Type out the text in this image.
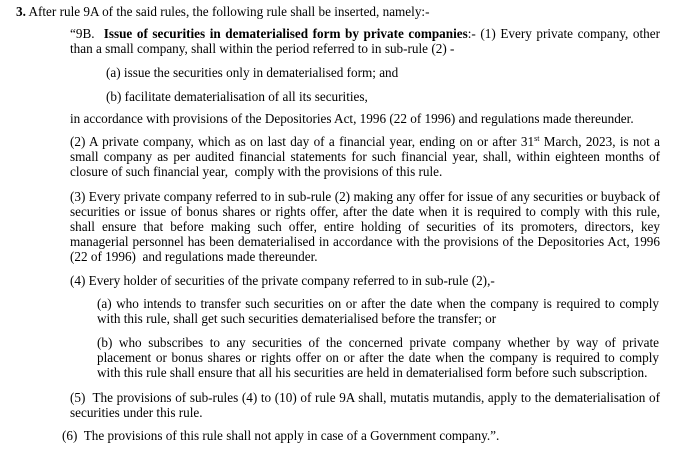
3. After rule 9A of the said rules, the following rule shall be inserted, namely:-

“9B. Issue of securities in dematerialised form by private companies:- (1) Every private company, other than a small company, shall within the period referred to in sub-rule (2) -

(a) issue the securities only in dematerialised form; and

(b) facilitate dematerialisation of all its securities,

in accordance with provisions of the Depositories Act, 1996 (22 of 1996) and regulations made thereunder.

(2) A private company, which as on last day of a financial year, ending on or after 31st March, 2023, is not a small company as per audited financial statements for such financial year, shall, within eighteen months of closure of such financial year,  comply with the provisions of this rule.

(3) Every private company referred to in sub-rule (2) making any offer for issue of any securities or buyback of securities or issue of bonus shares or rights offer, after the date when it is required to comply with this rule, shall ensure that before making such offer, entire holding of securities of its promoters, directors, key managerial personnel has been dematerialised in accordance with the provisions of the Depositories Act, 1996 (22 of 1996)  and regulations made thereunder.

(4) Every holder of securities of the private company referred to in sub-rule (2),-

(a) who intends to transfer such securities on or after the date when the company is required to comply with this rule, shall get such securities dematerialised before the transfer; or

(b) who subscribes to any securities of the concerned private company whether by way of private placement or bonus shares or rights offer on or after the date when the company is required to comply with this rule shall ensure that all his securities are held in dematerialised form before such subscription.

(5)  The provisions of sub-rules (4) to (10) of rule 9A shall, mutatis mutandis, apply to the dematerialisation of securities under this rule.

(6)  The provisions of this rule shall not apply in case of a Government company.”.
